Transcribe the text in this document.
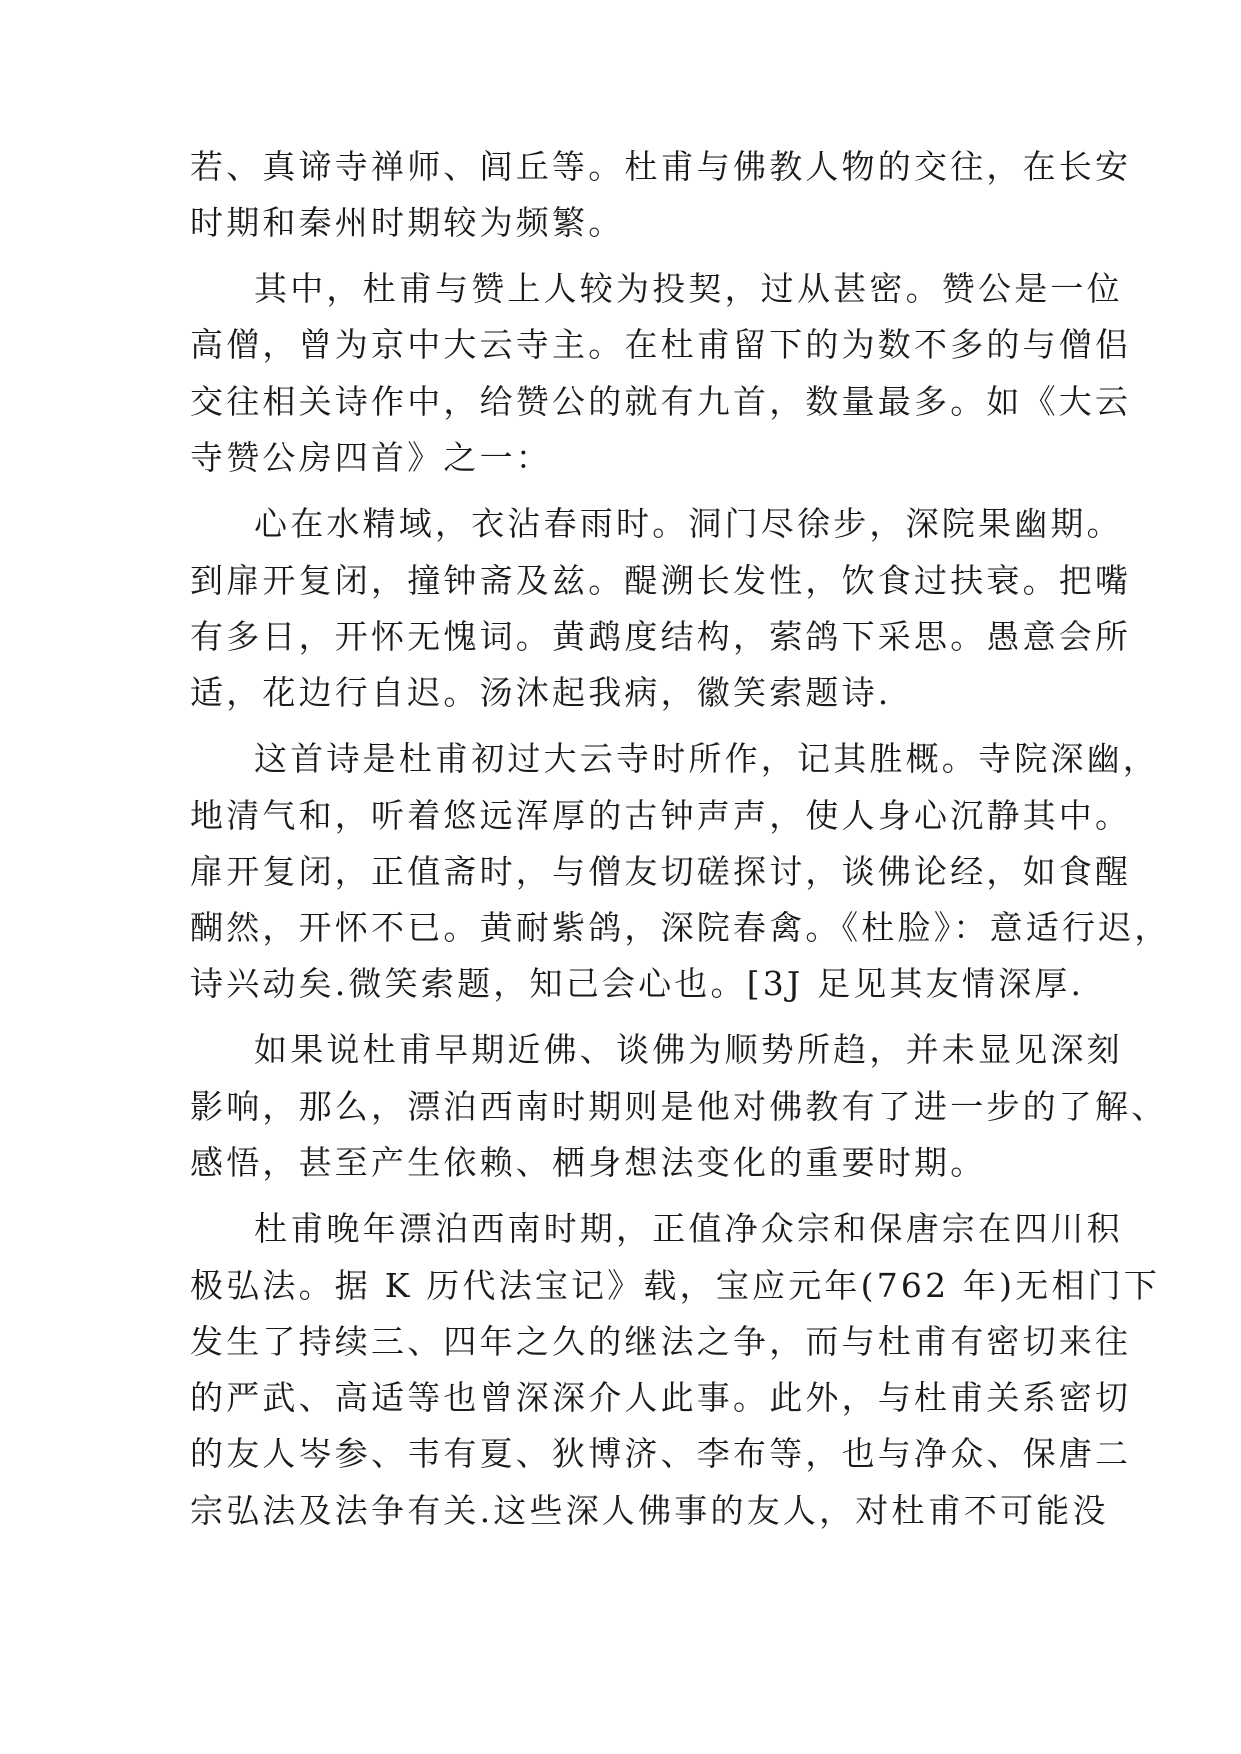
若、真谛寺禅师、闾丘等。杜甫与佛教人物的交往，在长安
时期和秦州时期较为频繁。
其中，杜甫与赞上人较为投契，过从甚密。赞公是一位
高僧，曾为京中大云寺主。在杜甫留下的为数不多的与僧侣
交往相关诗作中，给赞公的就有九首，数量最多。如《大云
寺赞公房四首》之一：
心在水精域，衣沾春雨时。洞门尽徐步，深院果幽期。
到扉开复闭，撞钟斋及兹。醍溯长发性，饮食过扶衰。把嘴
有多日，开怀无愧词。黄鹉度结构，萦鸽下采思。愚意会所
适，花边行自迟。汤沐起我病，徽笑索题诗.
这首诗是杜甫初过大云寺时所作，记其胜概。寺院深幽，
地清气和，听着悠远浑厚的古钟声声，使人身心沉静其中。
扉开复闭，正值斋时，与僧友切磋探讨，谈佛论经，如食醒
醐然，开怀不已。黄耐紫鸽，深院春禽。《杜脸》：意适行迟，
诗兴动矣.微笑索题，知己会心也。[3J 足见其友情深厚.
如果说杜甫早期近佛、谈佛为顺势所趋，并未显见深刻
影响，那么，漂泊西南时期则是他对佛教有了进一步的了解、
感悟，甚至产生依赖、栖身想法变化的重要时期。
杜甫晚年漂泊西南时期，正值净众宗和保唐宗在四川积
极弘法。据 K 历代法宝记》载，宝应元年(762 年)无相门下
发生了持续三、四年之久的继法之争，而与杜甫有密切来往
的严武、高适等也曾深深介人此事。此外，与杜甫关系密切
的友人岑参、韦有夏、狄博济、李布等，也与净众、保唐二
宗弘法及法争有关.这些深人佛事的友人，对杜甫不可能没
